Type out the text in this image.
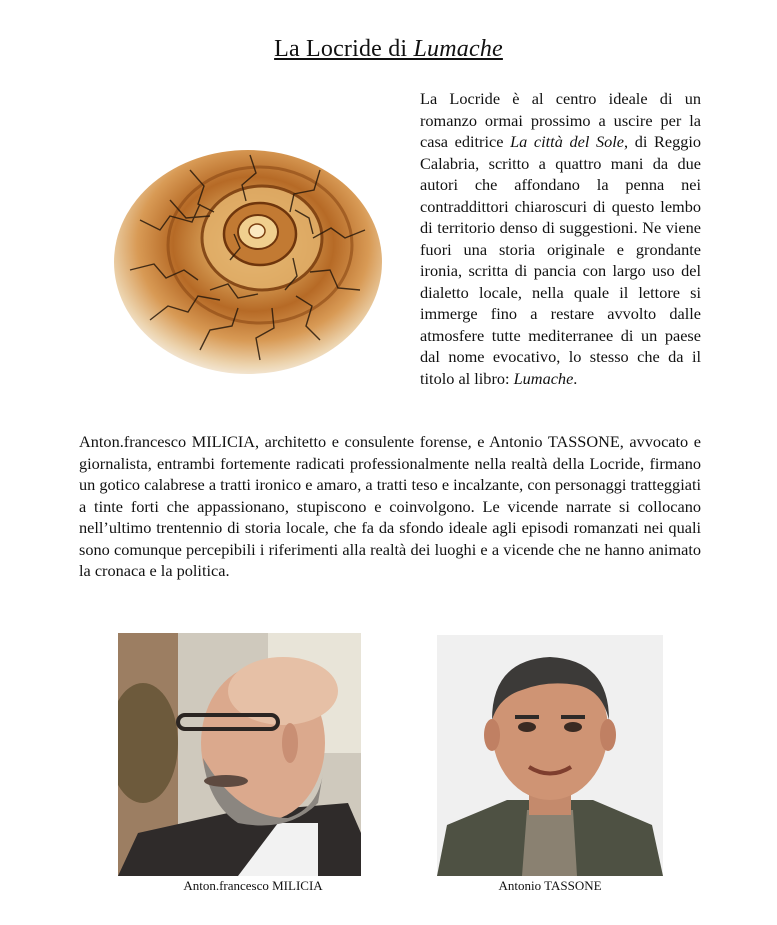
La Locride di Lumache

La Locride è al centro ideale di un romanzo ormai prossimo a uscire per la casa editrice La città del Sole, di Reggio Calabria, scritto a quattro mani da due autori che affondano la penna nei contraddittori chiaroscuri di questo lembo di territorio denso di suggestioni. Ne viene fuori una storia originale e grondante ironia, scritta di pancia con largo uso del dialetto locale, nella quale il lettore si immerge fino a restare avvolto dalle atmosfere tutte mediterranee di un paese dal nome evocativo, lo stesso che da il titolo al libro: Lumache.

Anton.francesco MILICIA, architetto e consulente forense, e Antonio TASSONE, avvocato e giornalista, entrambi fortemente radicati professionalmente nella realtà della Locride, firmano un gotico calabrese a tratti ironico e amaro, a tratti teso e incalzante, con personaggi tratteggiati a tinte forti che appassionano, stupiscono e coinvolgono. Le vicende narrate si collocano nell’ultimo trentennio di storia locale, che fa da sfondo ideale agli episodi romanzati nei quali sono comunque percepibili i riferimenti alla realtà dei luoghi e a vicende che ne hanno animato la cronaca e la politica.

Anton.francesco MILICIA	Antonio TASSONE
